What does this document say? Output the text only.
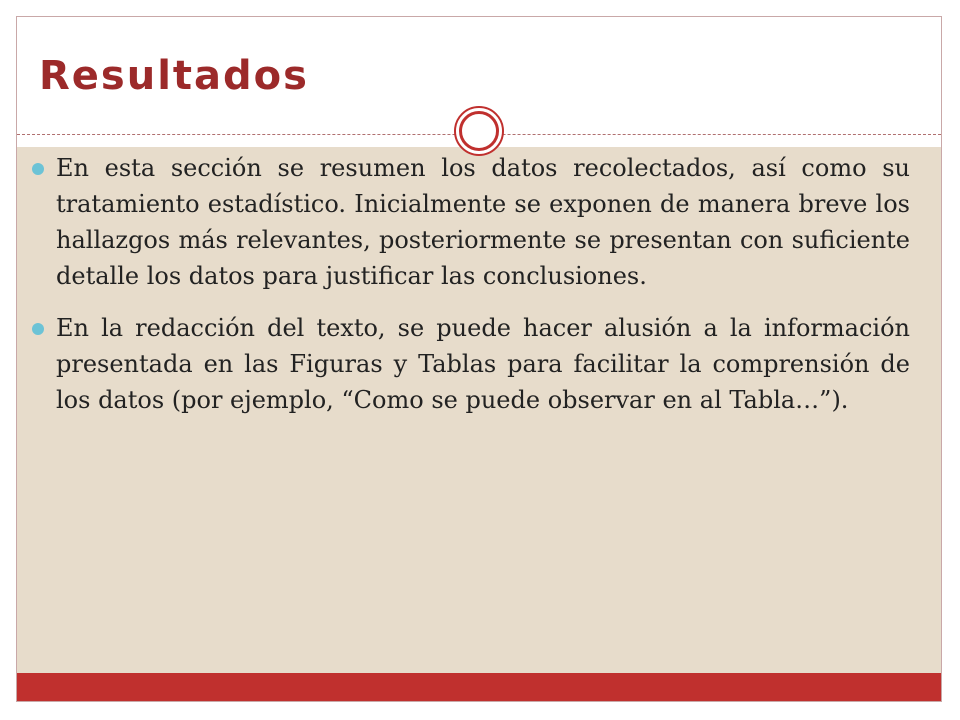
Resultados
En esta sección se resumen los datos recolectados, así como su tratamiento estadístico. Inicialmente se exponen de manera breve los hallazgos más relevantes, posteriormente se presentan con suficiente detalle los datos para justificar las conclusiones.
En la redacción del texto, se puede hacer alusión a la información presentada en las Figuras y Tablas para facilitar la comprensión de los datos (por ejemplo, “Como se puede observar en al Tabla…”).
